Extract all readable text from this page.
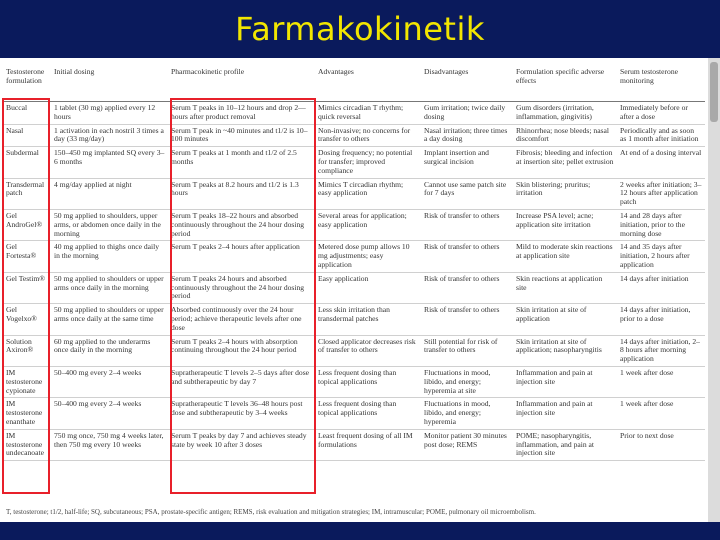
Farmakokinetik
Testosterone formulation	Initial dosing	Pharmacokinetic profile	Advantages	Disadvantages	Formulation specific adverse effects	Serum testosterone monitoring
Buccal	1 tablet (30 mg) applied every 12 hours	Serum T peaks in 10–12 hours and drop 2—hours after product removal	Mimics circadian T rhythm; quick reversal	Gum irritation; twice daily dosing	Gum disorders (irritation, inflammation, gingivitis)	Immediately before or after a dose
Nasal	1 activation in each nostril 3 times a day (33 mg/day)	Serum T peak in ~40 minutes and t1/2 is 10–100 minutes	Non-invasive; no concerns for transfer to others	Nasal irritation; three times a day dosing	Rhinorrhea; nose bleeds; nasal discomfort	Periodically and as soon as 1 month after initiation
Subdermal	150–450 mg implanted SQ every 3–6 months	Serum T peaks at 1 month and t1/2 of 2.5 months	Dosing frequency; no potential for transfer; improved compliance	Implant insertion and surgical incision	Fibrosis; bleeding and infection at insertion site; pellet extrusion	At end of a dosing interval
Transdermal patch	4 mg/day applied at night	Serum T peaks at 8.2 hours and t1/2 is 1.3 hours	Mimics T circadian rhythm; easy application	Cannot use same patch site for 7 days	Skin blistering; pruritus; irritation	2 weeks after initiation; 3–12 hours after application patch
Gel AndroGel®	50 mg applied to shoulders, upper arms, or abdomen once daily in the morning	Serum T peaks 18–22 hours and absorbed continuously throughout the 24 hour dosing period	Several areas for application; easy application	Risk of transfer to others	Increase PSA level; acne; application site irritation	14 and 28 days after initiation, prior to the morning dose
Gel Fortesta®	40 mg applied to thighs once daily in the morning	Serum T peaks 2–4 hours after application	Metered dose pump allows 10 mg adjustments; easy application	Risk of transfer to others	Mild to moderate skin reactions at application site	14 and 35 days after initiation, 2 hours after application
Gel Testim®	50 mg applied to shoulders or upper arms once daily in the morning	Serum T peaks 24 hours and absorbed continuously throughout the 24 hour dosing period	Easy application	Risk of transfer to others	Skin reactions at application site	14 days after initiation
Gel Vogelxo®	50 mg applied to shoulders or upper arms once daily at the same time	Absorbed continuously over the 24 hour period; achieve therapeutic levels after one dose	Less skin irritation than transdermal patches	Risk of transfer to others	Skin irritation at site of application	14 days after initiation, prior to a dose
Solution Axiron®	60 mg applied to the underarms once daily in the morning	Serum T peaks 2–4 hours with absorption continuing throughout the 24 hour period	Closed applicator decreases risk of transfer to others	Still potential for risk of transfer to others	Skin irritation at site of application; nasopharyngitis	14 days after initiation, 2–8 hours after morning application
IM testosterone cypionate	50–400 mg every 2–4 weeks	Supratherapeutic T levels 2–5 days after dose and subtherapeutic by day 7	Less frequent dosing than topical applications	Fluctuations in mood, libido, and energy; hyperemia at site	Inflammation and pain at injection site	1 week after dose
IM testosterone enanthate	50–400 mg every 2–4 weeks	Supratherapeutic T levels 36–48 hours post dose and subtherapeutic by 3–4 weeks	Less frequent dosing than topical applications	Fluctuations in mood, libido, and energy; hyperemia	Inflammation and pain at injection site	1 week after dose
IM testosterone undecanoate	750 mg once, 750 mg 4 weeks later, then 750 mg every 10 weeks	Serum T peaks by day 7 and achieves steady state by week 10 after 3 doses	Least frequent dosing of all IM formulations	Monitor patient 30 minutes post dose; REMS	POME; nasopharyngitis, inflammation, and pain at injection site	Prior to next dose
T, testosterone; t1/2, half-life; SQ, subcutaneous; PSA, prostate-specific antigen; REMS, risk evaluation and mitigation strategies; IM, intramuscular; POME, pulmonary oil microembolism.
